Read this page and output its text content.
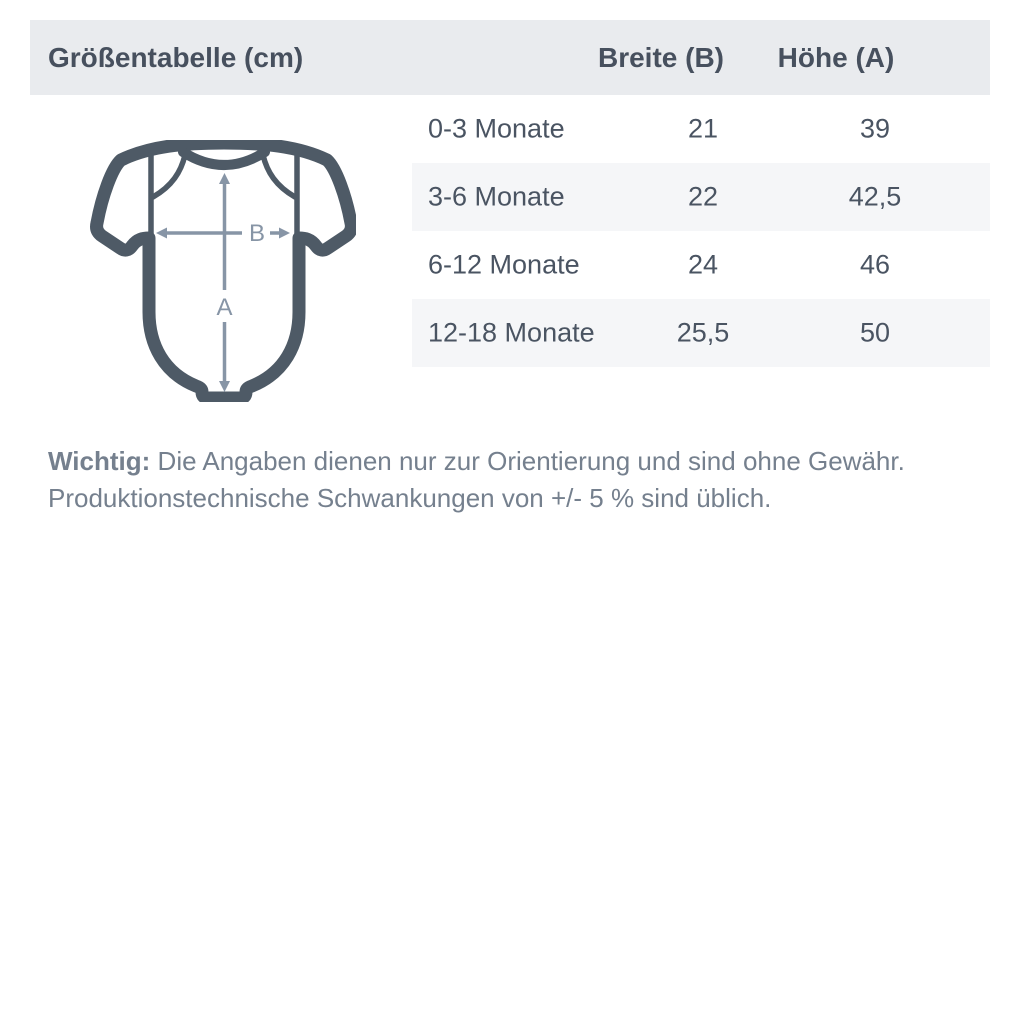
Größentabelle (cm)	Breite (B) Höhe (A)
0-3 Monate	21	39
3-6 Monate	22	42,5
6-12 Monate	24	46
12-18 Monate	25,5	50
B
A
Wichtig: Die Angaben dienen nur zur Orientierung und sind ohne Gewähr.
Produktionstechnische Schwankungen von +/- 5 % sind üblich.
